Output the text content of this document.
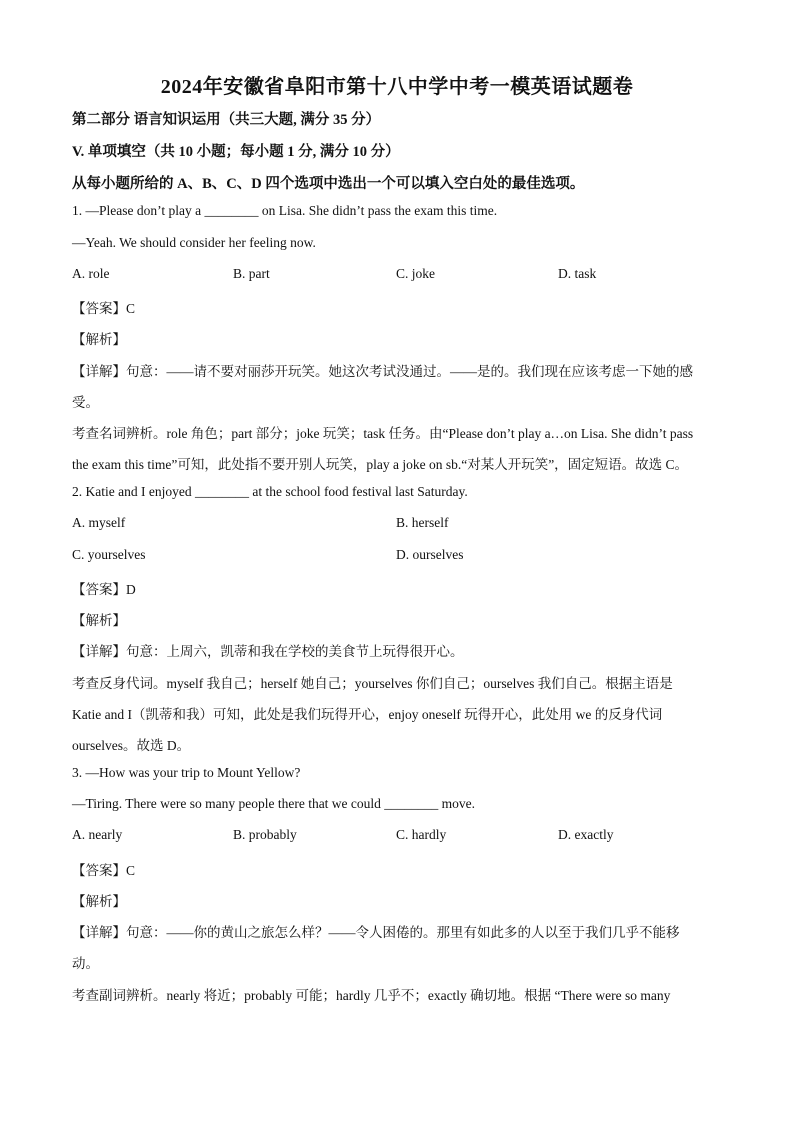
2024年安徽省阜阳市第十八中学中考一模英语试题卷
第二部分 语言知识运用（共三大题, 满分 35 分）
V. 单项填空（共 10 小题；每小题 1 分, 满分 10 分）
从每小题所给的 A、B、C、D 四个选项中选出一个可以填入空白处的最佳选项。
1. —Please don’t play a ________ on Lisa. She didn’t pass the exam this time.
—Yeah. We should consider her feeling now.
A. role	B. part	C. joke	D. task
【答案】C
【解析】
【详解】句意：——请不要对丽莎开玩笑。她这次考试没通过。——是的。我们现在应该考虑一下她的感
受。
考查名词辨析。role 角色；part 部分；joke 玩笑；task 任务。由“Please don’t play a…on Lisa. She didn’t pass
the exam this time”可知，此处指不要开别人玩笑，play a joke on sb.“对某人开玩笑”，固定短语。故选 C。
2. Katie and I enjoyed ________ at the school food festival last Saturday.
A. myself	B. herself
C. yourselves	D. ourselves
【答案】D
【解析】
【详解】句意：上周六，凯蒂和我在学校的美食节上玩得很开心。
考查反身代词。myself 我自己；herself 她自己；yourselves 你们自己；ourselves 我们自己。根据主语是
Katie and I（凯蒂和我）可知，此处是我们玩得开心，enjoy oneself 玩得开心，此处用 we 的反身代词
ourselves。故选 D。
3. —How was your trip to Mount Yellow?
—Tiring. There were so many people there that we could ________ move.
A. nearly	B. probably	C. hardly	D. exactly
【答案】C
【解析】
【详解】句意：——你的黄山之旅怎么样？——令人困倦的。那里有如此多的人以至于我们几乎不能移
动。
考查副词辨析。nearly 将近；probably 可能；hardly 几乎不；exactly 确切地。根据 “There were so many
